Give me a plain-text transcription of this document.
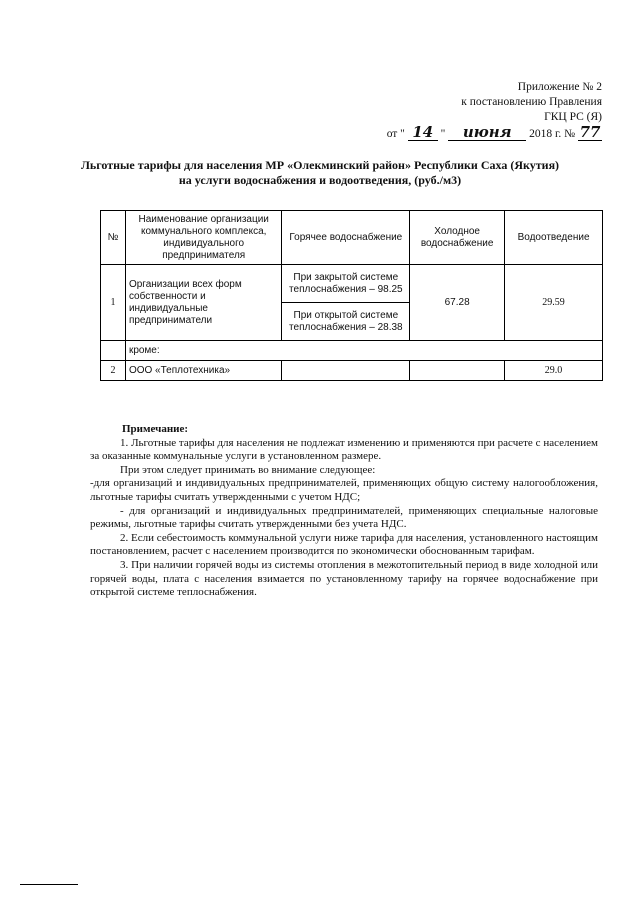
Приложение № 2
к постановлению Правления
ГКЦ РС (Я)
от " 14 " июня 2018 г. № 77
Льготные тарифы для населения МР «Олекминский район» Республики Саха (Якутия)
на услуги водоснабжения и водоотведения, (руб./м3)
№	Наименование организации коммунального комплекса, индивидуального предпринимателя	Горячее водоснабжение	Холодное водоснабжение	Водоотведение
1	Организации всех форм собственности и индивидуальные предприниматели	При закрытой системе теплоснабжения – 98.25	67.28	29.59
		При открытой системе теплоснабжения – 28.38		
	кроме:			
2	ООО «Теплотехника»			29.0

Примечание:

1. Льготные тарифы для населения не подлежат изменению и применяются при расчете с населением за оказанные коммунальные услуги в установленном размере.

При этом следует принимать во внимание следующее:

-для организаций и индивидуальных предпринимателей, применяющих общую систему налогообложения, льготные тарифы считать утвержденными с учетом НДС;

- для организаций и индивидуальных предпринимателей, применяющих специальные налоговые режимы, льготные тарифы считать утвержденными без учета НДС.

2. Если себестоимость коммунальной услуги ниже тарифа для населения, установленного настоящим постановлением, расчет с населением производится по экономически обоснованным тарифам.

3. При наличии горячей воды из системы отопления в межотопительный период в виде холодной или горячей воды, плата с населения взимается по установленному тарифу на горячее водоснабжение при открытой системе теплоснабжения.
